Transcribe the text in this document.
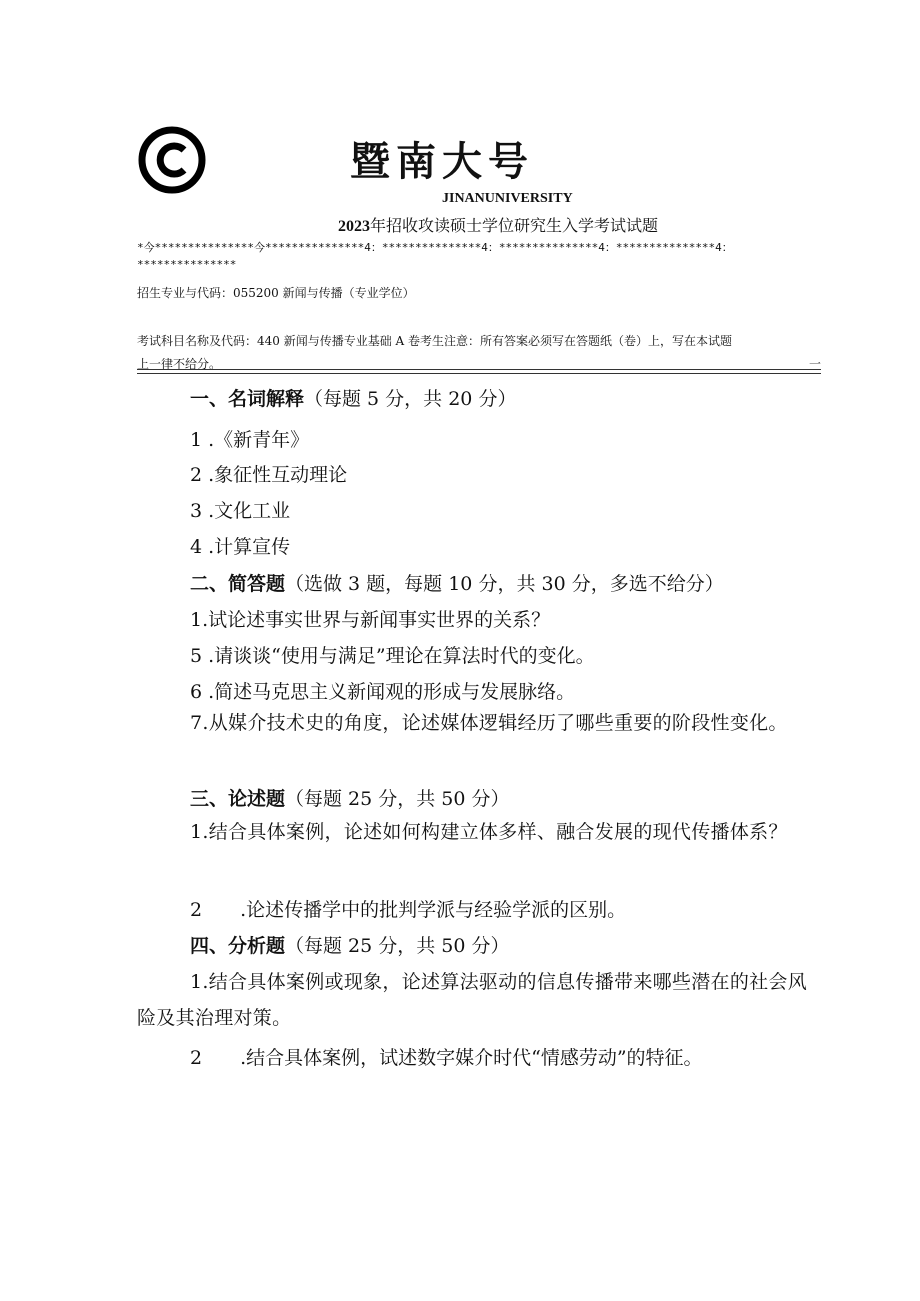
暨南大号
JINANUNIVERSITY
2023年招收攻读硕士学位研究生入学考试试题
*今***************今***************4：***************4：***************4：***************4：
***************
招生专业与代码：055200 新闻与传播（专业学位）
考试科目名称及代码：440 新闻与传播专业基础 A 卷考生注意：所有答案必须写在答题纸（卷）上，写在本试题
上一律不给分。	一
一、名词解释（每题 5 分，共 20 分）
1 .《新青年》
2 .象征性互动理论
3 .文化工业
4 .计算宣传
二、简答题（选做 3 题，每题 10 分，共 30 分，多选不给分）
1.试论述事实世界与新闻事实世界的关系？
5 .请谈谈“使用与满足”理论在算法时代的变化。
6 .简述马克思主义新闻观的形成与发展脉络。
7.从媒介技术史的角度，论述媒体逻辑经历了哪些重要的阶段性变化。
三、论述题（每题 25 分，共 50 分）
1.结合具体案例，论述如何构建立体多样、融合发展的现代传播体系？
2　　.论述传播学中的批判学派与经验学派的区别。
四、分析题（每题 25 分，共 50 分）
1.结合具体案例或现象，论述算法驱动的信息传播带来哪些潜在的社会风险及其治理对策。
2　　.结合具体案例，试述数字媒介时代“情感劳动”的特征。
